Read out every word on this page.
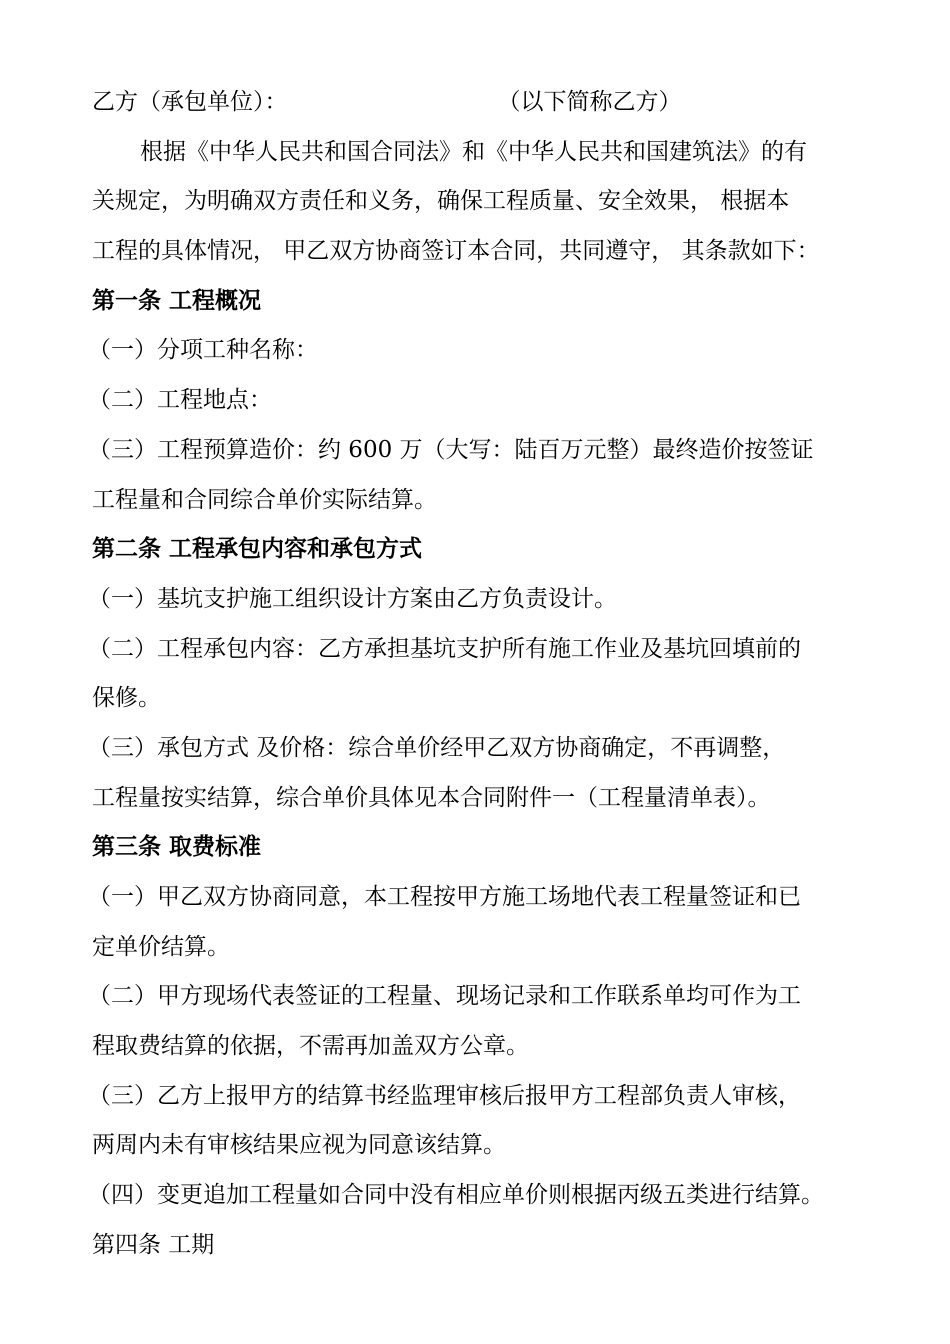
乙方（承包单位）：	（以下简称乙方）
根据《中华人民共和国合同法》和《中华人民共和国建筑法》的有
关规定，为明确双方责任和义务，确保工程质量、安全效果， 根据本
工程的具体情况， 甲乙双方协商签订本合同，共同遵守， 其条款如下：
第一条 工程概况
（一）分项工种名称：
（二）工程地点：
（三）工程预算造价：约 600 万（大写：陆百万元整）最终造价按签证
工程量和合同综合单价实际结算。
第二条 工程承包内容和承包方式
（一）基坑支护施工组织设计方案由乙方负责设计。
（二）工程承包内容：乙方承担基坑支护所有施工作业及基坑回填前的
保修。
（三）承包方式 及价格：综合单价经甲乙双方协商确定，不再调整，
工程量按实结算，综合单价具体见本合同附件一（工程量清单表）。
第三条 取费标准
（一）甲乙双方协商同意，本工程按甲方施工场地代表工程量签证和已
定单价结算。
（二）甲方现场代表签证的工程量、现场记录和工作联系单均可作为工
程取费结算的依据，不需再加盖双方公章。
（三）乙方上报甲方的结算书经监理审核后报甲方工程部负责人审核，
两周内未有审核结果应视为同意该结算。
（四）变更追加工程量如合同中没有相应单价则根据丙级五类进行结算。
第四条 工期
